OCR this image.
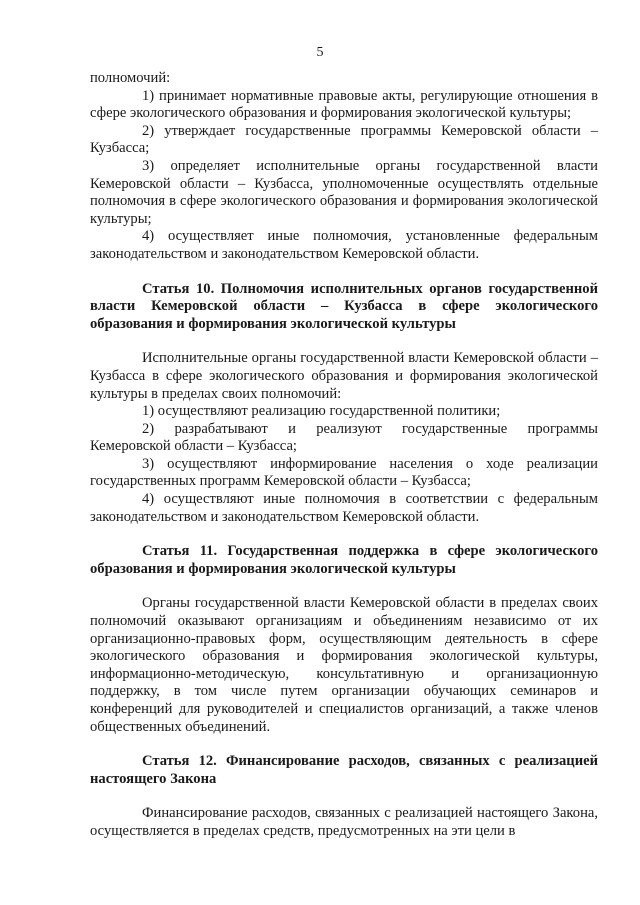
5

полномочий:

1) принимает нормативные правовые акты, регулирующие отношения в сфере экологического образования и формирования экологической культуры;

2) утверждает государственные программы Кемеровской области – Кузбасса;

3) определяет исполнительные органы государственной власти Кемеровской области – Кузбасса, уполномоченные осуществлять отдельные полномочия в сфере экологического образования и формирования экологической культуры;

4) осуществляет иные полномочия, установленные федеральным законодательством и законодательством Кемеровской области.

Статья 10. Полномочия исполнительных органов государственной власти Кемеровской области – Кузбасса в сфере экологического образования и формирования экологической культуры

Исполнительные органы государственной власти Кемеровской области – Кузбасса в сфере экологического образования и формирования экологической культуры в пределах своих полномочий:

1) осуществляют реализацию государственной политики;

2) разрабатывают и реализуют государственные программы Кемеровской области – Кузбасса;

3) осуществляют информирование населения о ходе реализации государственных программ Кемеровской области – Кузбасса;

4) осуществляют иные полномочия в соответствии с федеральным законодательством и законодательством Кемеровской области.

Статья 11. Государственная поддержка в сфере экологического образования и формирования экологической культуры

Органы государственной власти Кемеровской области в пределах своих полномочий оказывают организациям и объединениям независимо от их организационно-правовых форм, осуществляющим деятельность в сфере экологического образования и формирования экологической культуры, информационно-методическую, консультативную и организационную поддержку, в том числе путем организации обучающих семинаров и конференций для руководителей и специалистов организаций, а также членов общественных объединений.

Статья 12. Финансирование расходов, связанных с реализацией настоящего Закона

Финансирование расходов, связанных с реализацией настоящего Закона, осуществляется в пределах средств, предусмотренных на эти цели в
